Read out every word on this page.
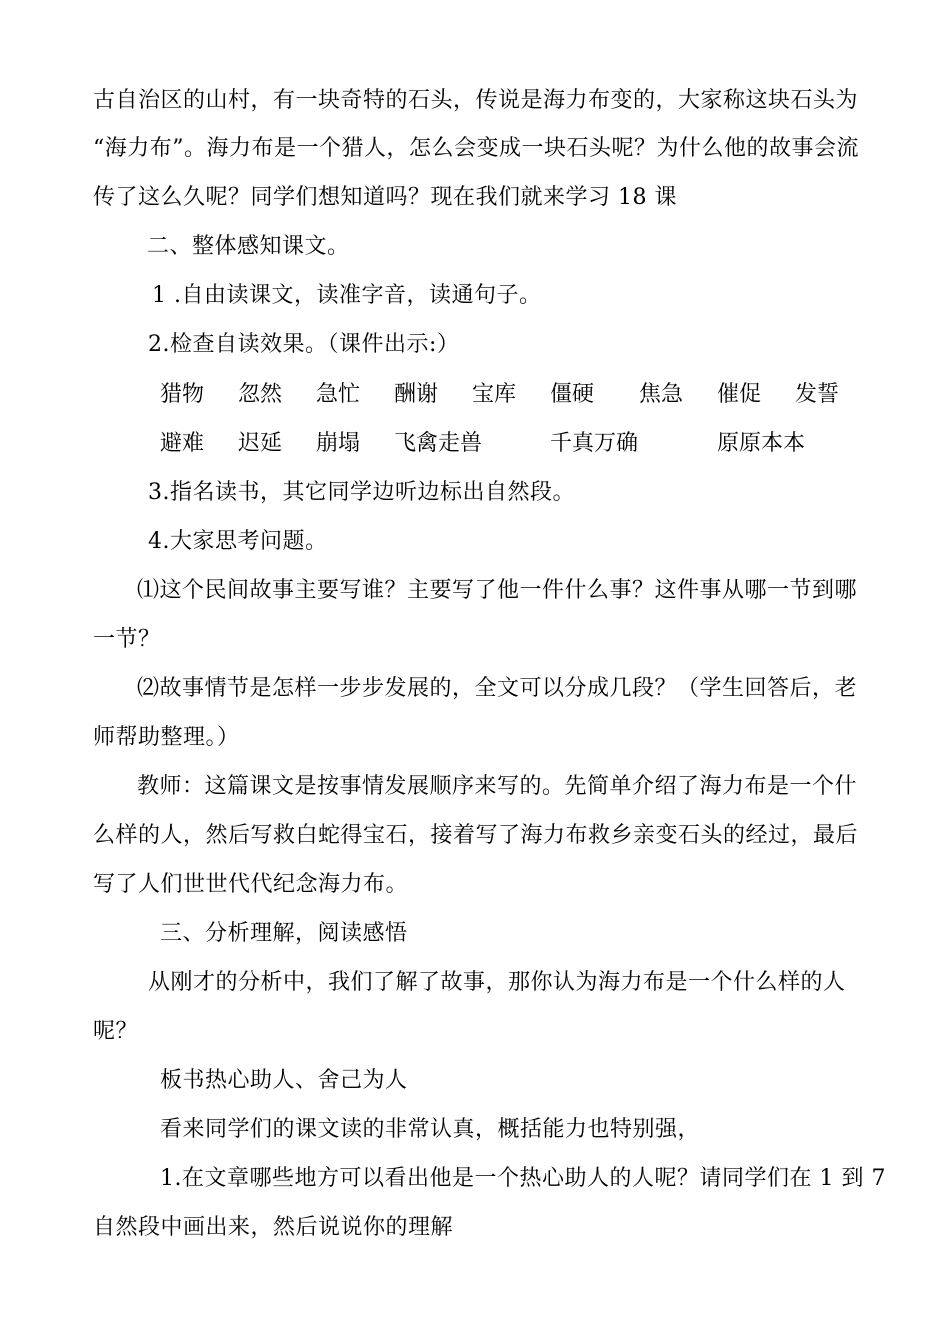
古自治区的山村，有一块奇特的石头，传说是海力布变的，大家称这块石头为
“海力布”。海力布是一个猎人，怎么会变成一块石头呢？为什么他的故事会流
传了这么久呢？同学们想知道吗？现在我们就来学习 18 课
二、整体感知课文。
1 .自由读课文，读准字音，读通句子。
2.检查自读效果。（课件出示:）
猎物 忽然 急忙 酬谢 宝库 僵硬 焦急 催促 发誓
避难 迟延 崩塌 飞禽走兽	千真万确	原原本本
3.指名读书，其它同学边听边标出自然段。
4.大家思考问题。
⑴这个民间故事主要写谁？主要写了他一件什么事？这件事从哪一节到哪
一节？
⑵故事情节是怎样一步步发展的，全文可以分成几段？（学生回答后，老
师帮助整理。）
教师：这篇课文是按事情发展顺序来写的。先简单介绍了海力布是一个什
么样的人，然后写救白蛇得宝石，接着写了海力布救乡亲变石头的经过，最后
写了人们世世代代纪念海力布。
三、分析理解，阅读感悟
从刚才的分析中，我们了解了故事，那你认为海力布是一个什么样的人
呢？
板书热心助人、舍己为人
看来同学们的课文读的非常认真，概括能力也特别强，
1.在文章哪些地方可以看出他是一个热心助人的人呢？请同学们在 1 到 7
自然段中画出来，然后说说你的理解
